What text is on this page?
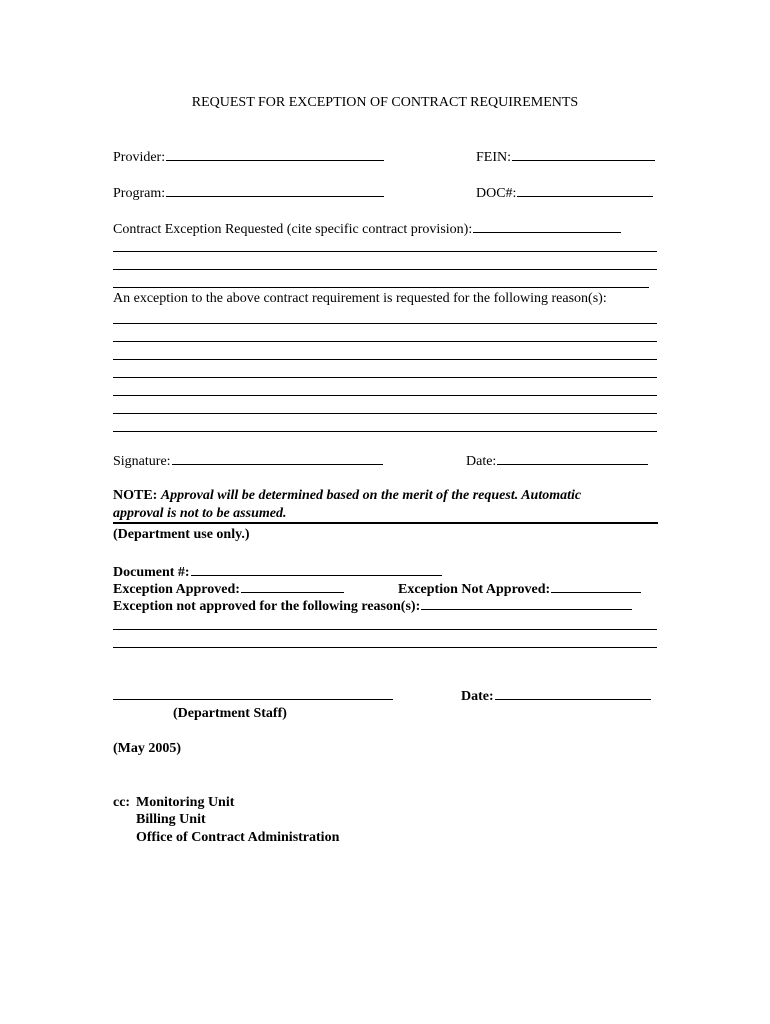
REQUEST FOR EXCEPTION OF CONTRACT REQUIREMENTS
Provider:	FEIN:
Program:	DOC#:
Contract Exception Requested (cite specific contract provision):
An exception to the above contract requirement is requested for the following reason(s):
Signature:	Date:
NOTE: Approval will be determined based on the merit of the request. Automatic
approval is not to be assumed.
(Department use only.)
Document #:
Exception Approved:	Exception Not Approved:
Exception not approved for the following reason(s):
Date:
(Department Staff)
(May 2005)
cc: Monitoring Unit
Billing Unit
Office of Contract Administration
